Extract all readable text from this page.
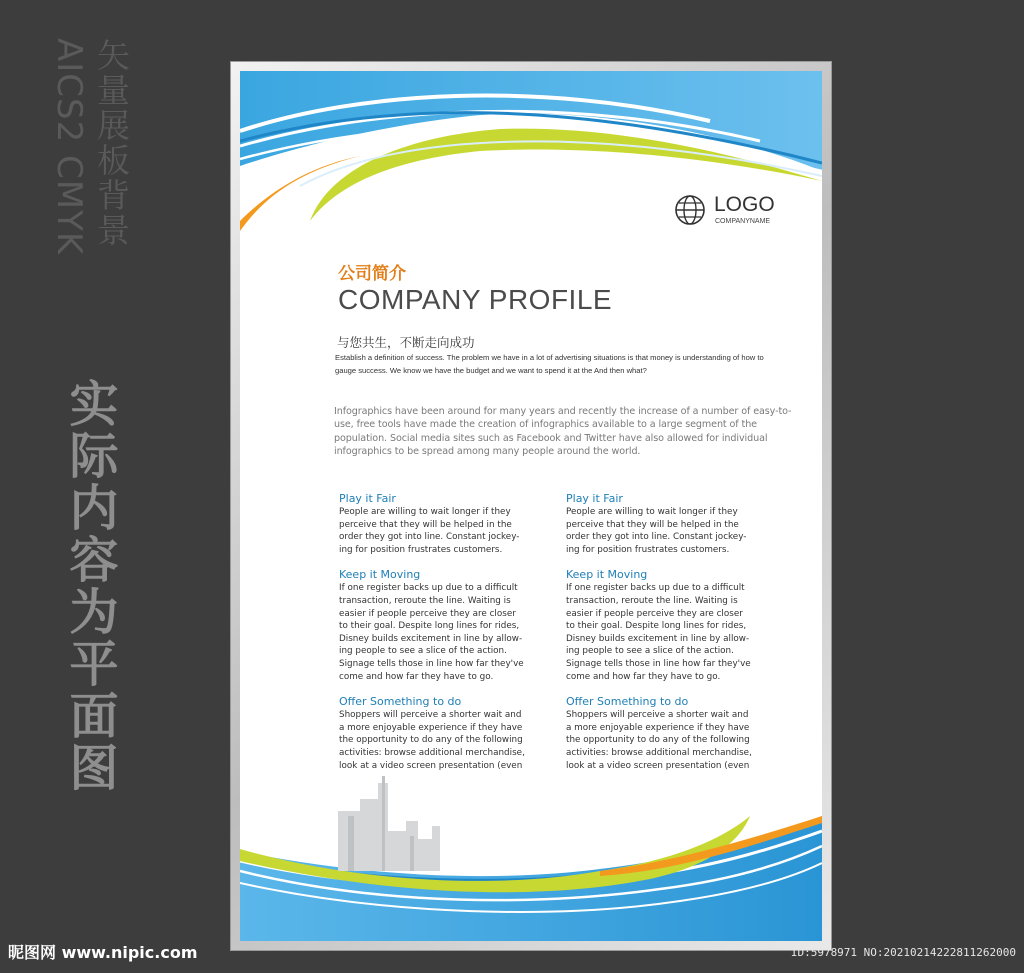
矢量展板背景
AICS2 CMYK
实际内容为平面图
LOGO
COMPANYNAME
公司简介
COMPANY PROFILE
与您共生，不断走向成功
Establish a definition of success. The problem we have in a lot of advertising situations is that money is understanding of how to gauge success. We know we have the budget and we want to spend it at the And then what?
Infographics have been around for many years and recently the increase of a number of easy-to-use, free tools have made the creation of infographics available to a large segment of the population. Social media sites such as Facebook and Twitter have also allowed for individual infographics to be spread among many people around the world.
Play it Fair

People are willing to wait longer if they
perceive that they will be helped in the
order they got into line. Constant jockey-
ing for position frustrates customers.

Keep it Moving

If one register backs up due to a difficult
transaction, reroute the line. Waiting is
easier if people perceive they are closer
to their goal. Despite long lines for rides,
Disney builds excitement in line by allow-
ing people to see a slice of the action.
Signage tells those in line how far they've
come and how far they have to go.

Offer Something to do

Shoppers will perceive a shorter wait and
a more enjoyable experience if they have
the opportunity to do any of the following
activities: browse additional merchandise,
look at a video screen presentation (even

Play it Fair

People are willing to wait longer if they
perceive that they will be helped in the
order they got into line. Constant jockey-
ing for position frustrates customers.

Keep it Moving

If one register backs up due to a difficult
transaction, reroute the line. Waiting is
easier if people perceive they are closer
to their goal. Despite long lines for rides,
Disney builds excitement in line by allow-
ing people to see a slice of the action.
Signage tells those in line how far they've
come and how far they have to go.

Offer Something to do

Shoppers will perceive a shorter wait and
a more enjoyable experience if they have
the opportunity to do any of the following
activities: browse additional merchandise,
look at a video screen presentation (even

昵图网 www.nipic.com	ID:5978971 NO:20210214222811262000
